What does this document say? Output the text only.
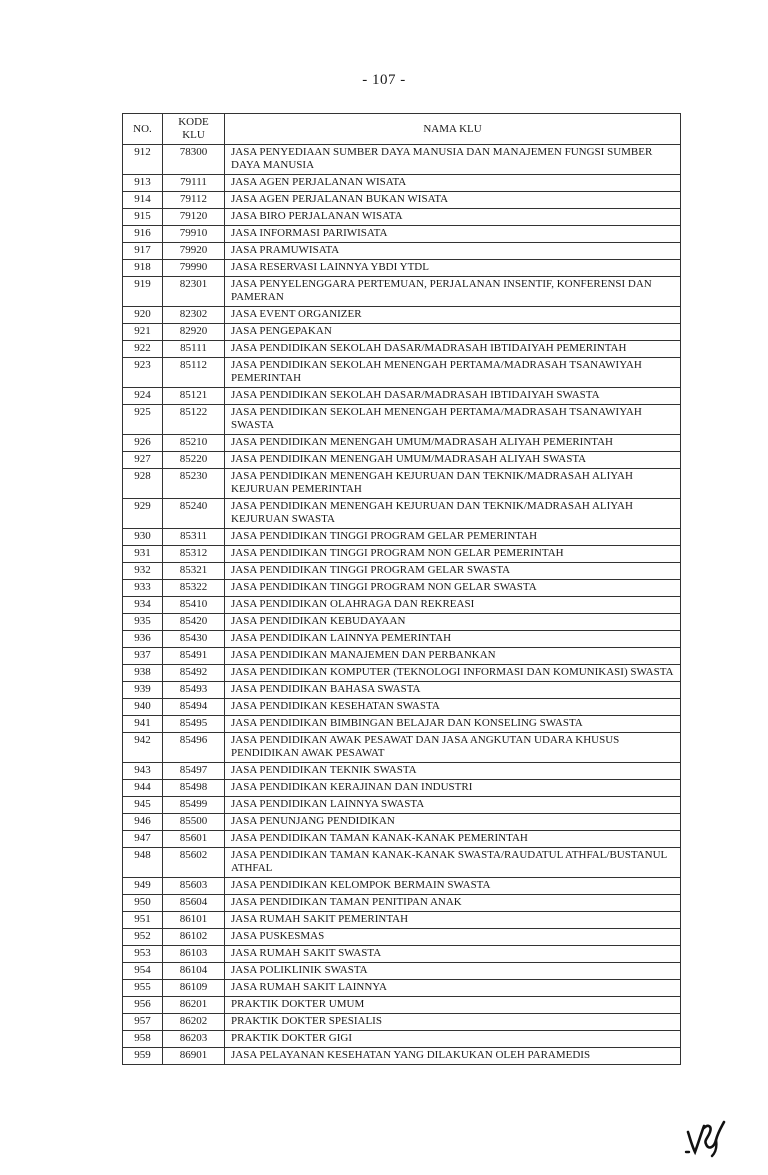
- 107 -
NO.	KODE KLU	NAMA KLU
912	78300	JASA PENYEDIAAN SUMBER DAYA MANUSIA DAN MANAJEMEN FUNGSI SUMBER DAYA MANUSIA
913	79111	JASA AGEN PERJALANAN WISATA
914	79112	JASA AGEN PERJALANAN BUKAN WISATA
915	79120	JASA BIRO PERJALANAN WISATA
916	79910	JASA INFORMASI PARIWISATA
917	79920	JASA PRAMUWISATA
918	79990	JASA RESERVASI LAINNYA YBDI YTDL
919	82301	JASA PENYELENGGARA PERTEMUAN, PERJALANAN INSENTIF, KONFERENSI DAN PAMERAN
920	82302	JASA EVENT ORGANIZER
921	82920	JASA PENGEPAKAN
922	85111	JASA PENDIDIKAN SEKOLAH DASAR/MADRASAH IBTIDAIYAH PEMERINTAH
923	85112	JASA PENDIDIKAN SEKOLAH MENENGAH PERTAMA/MADRASAH TSANAWIYAH PEMERINTAH
924	85121	JASA PENDIDIKAN SEKOLAH DASAR/MADRASAH IBTIDAIYAH SWASTA
925	85122	JASA PENDIDIKAN SEKOLAH MENENGAH PERTAMA/MADRASAH TSANAWIYAH SWASTA
926	85210	JASA PENDIDIKAN MENENGAH UMUM/MADRASAH ALIYAH PEMERINTAH
927	85220	JASA PENDIDIKAN MENENGAH UMUM/MADRASAH ALIYAH SWASTA
928	85230	JASA PENDIDIKAN MENENGAH KEJURUAN DAN TEKNIK/MADRASAH ALIYAH KEJURUAN PEMERINTAH
929	85240	JASA PENDIDIKAN MENENGAH KEJURUAN DAN TEKNIK/MADRASAH ALIYAH KEJURUAN SWASTA
930	85311	JASA PENDIDIKAN TINGGI PROGRAM GELAR PEMERINTAH
931	85312	JASA PENDIDIKAN TINGGI PROGRAM NON GELAR PEMERINTAH
932	85321	JASA PENDIDIKAN TINGGI PROGRAM GELAR SWASTA
933	85322	JASA PENDIDIKAN TINGGI PROGRAM NON GELAR SWASTA
934	85410	JASA PENDIDIKAN OLAHRAGA DAN REKREASI
935	85420	JASA PENDIDIKAN KEBUDAYAAN
936	85430	JASA PENDIDIKAN LAINNYA PEMERINTAH
937	85491	JASA PENDIDIKAN MANAJEMEN DAN PERBANKAN
938	85492	JASA PENDIDIKAN KOMPUTER (TEKNOLOGI INFORMASI DAN KOMUNIKASI) SWASTA
939	85493	JASA PENDIDIKAN BAHASA SWASTA
940	85494	JASA PENDIDIKAN KESEHATAN SWASTA
941	85495	JASA PENDIDIKAN BIMBINGAN BELAJAR DAN KONSELING SWASTA
942	85496	JASA PENDIDIKAN AWAK PESAWAT DAN JASA ANGKUTAN UDARA KHUSUS PENDIDIKAN AWAK PESAWAT
943	85497	JASA PENDIDIKAN TEKNIK SWASTA
944	85498	JASA PENDIDIKAN KERAJINAN DAN INDUSTRI
945	85499	JASA PENDIDIKAN LAINNYA SWASTA
946	85500	JASA PENUNJANG PENDIDIKAN
947	85601	JASA PENDIDIKAN TAMAN KANAK-KANAK PEMERINTAH
948	85602	JASA PENDIDIKAN TAMAN KANAK-KANAK SWASTA/RAUDATUL ATHFAL/BUSTANUL ATHFAL
949	85603	JASA PENDIDIKAN KELOMPOK BERMAIN SWASTA
950	85604	JASA PENDIDIKAN TAMAN PENITIPAN ANAK
951	86101	JASA RUMAH SAKIT PEMERINTAH
952	86102	JASA PUSKESMAS
953	86103	JASA RUMAH SAKIT SWASTA
954	86104	JASA POLIKLINIK SWASTA
955	86109	JASA RUMAH SAKIT LAINNYA
956	86201	PRAKTIK DOKTER UMUM
957	86202	PRAKTIK DOKTER SPESIALIS
958	86203	PRAKTIK DOKTER GIGI
959	86901	JASA PELAYANAN KESEHATAN YANG DILAKUKAN OLEH PARAMEDIS
